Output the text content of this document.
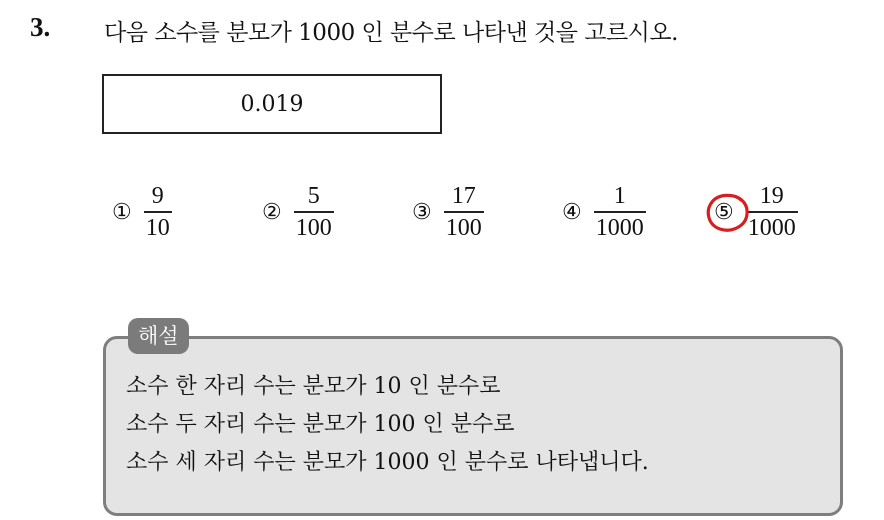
3. 다음 소수를 분모가 1000 인 분수로 나타낸 것을 고르시오.
0.019
① $\frac{9}{10}$	② $\frac{5}{100}$	③ $\frac{17}{100}$	④ $\frac{1}{1000}$	⑤ $\frac{19}{1000}$
해설
소수 한 자리 수는 분모가 10 인 분수로
소수 두 자리 수는 분모가 100 인 분수로
소수 세 자리 수는 분모가 1000 인 분수로 나타냅니다.
